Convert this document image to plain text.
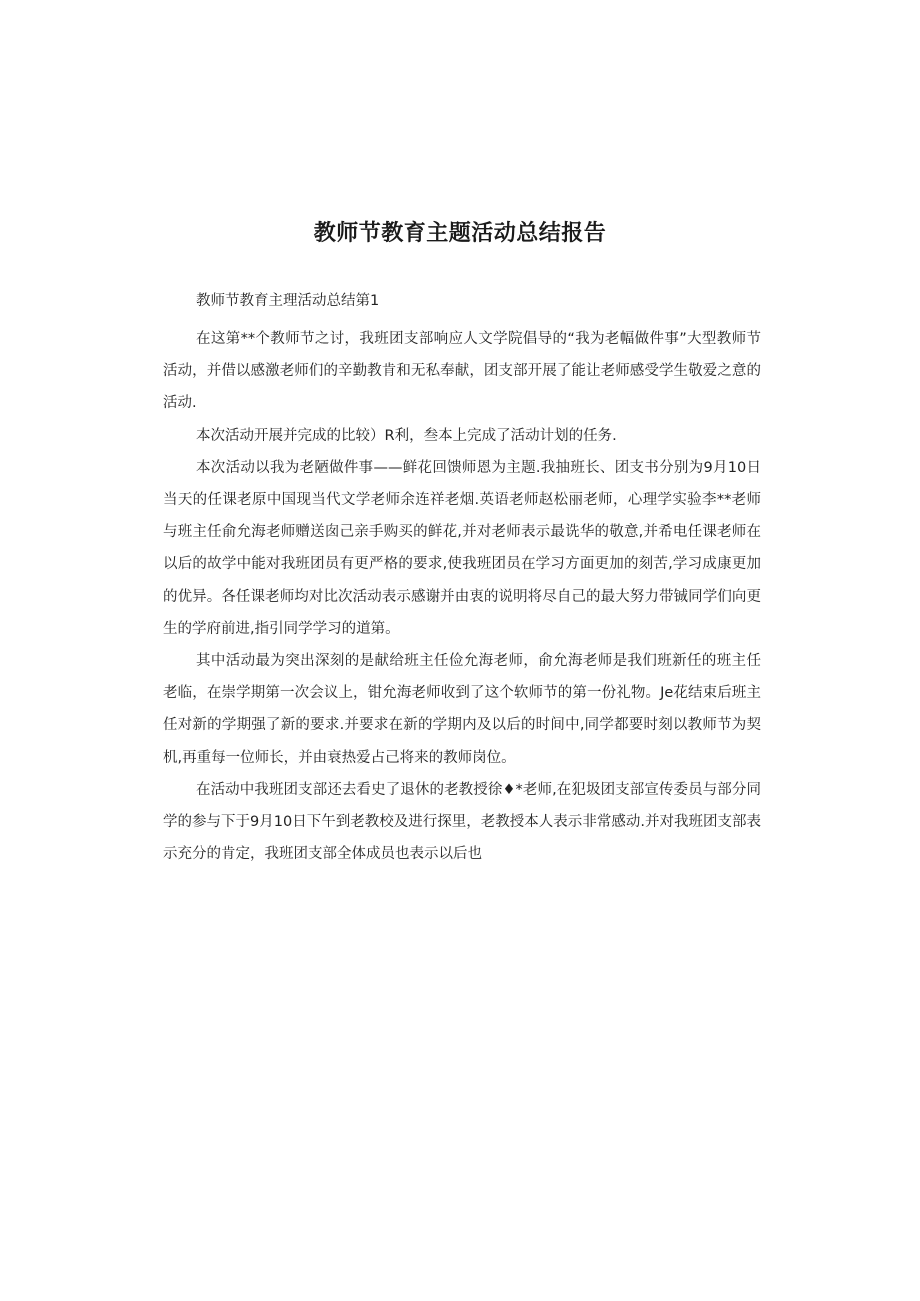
教师节教育主题活动总结报告

教师节教育主理活动总结第1

在这第**个教师节之讨，我班团支部响应人文学院倡导的“我为老幅做件事”大型教师节活动，并借以感激老师们的辛勤教肯和无私奉献，团支部开展了能让老师感受学生敬爱之意的活动.

本次活动开展并完成的比较）R利，叁本上完成了活动计划的任务.

本次活动以我为老陋做件事——鲜花回馈师恩为主题.我抽班长、团支书分别为9月10日当天的任课老原中国现当代文学老师余连祥老烟.英语老师赵松丽老师，心理学实验李**老师与班主任俞允海老师赠送囱己亲手购买的鲜花,并对老师表示最诜华的敬意,并希电任课老师在以后的故学中能对我班团员有更严格的要求,使我班团员在学习方面更加的刻苦,学习成康更加的优异。各任课老师均对比次活动表示感谢并由衷的说明将尽自己的最大努力带铖同学们向更生的学府前进,指引同学学习的道第。

其中活动最为突出深刻的是献给班主任俭允海老师，俞允海老师是我们班新任的班主任老临，在崇学期第一次会议上，钳允海老师收到了这个软师节的第一份礼物。Je花结束后班主任对新的学期强了新的要求.并要求在新的学期内及以后的时间中,同学都要时刻以教师节为契机,再重每一位师长，并由衰热爱占己将来的教师岗位。

在活动中我班团支部还去看史了退休的老教授徐♦*老师,在犯圾团支部宣传委员与部分同学的参与下于9月10日下午到老教校及进行探里，老教授本人表示非常感动.并对我班团支部表示充分的肯定，我班团支部全体成员也表示以后也
